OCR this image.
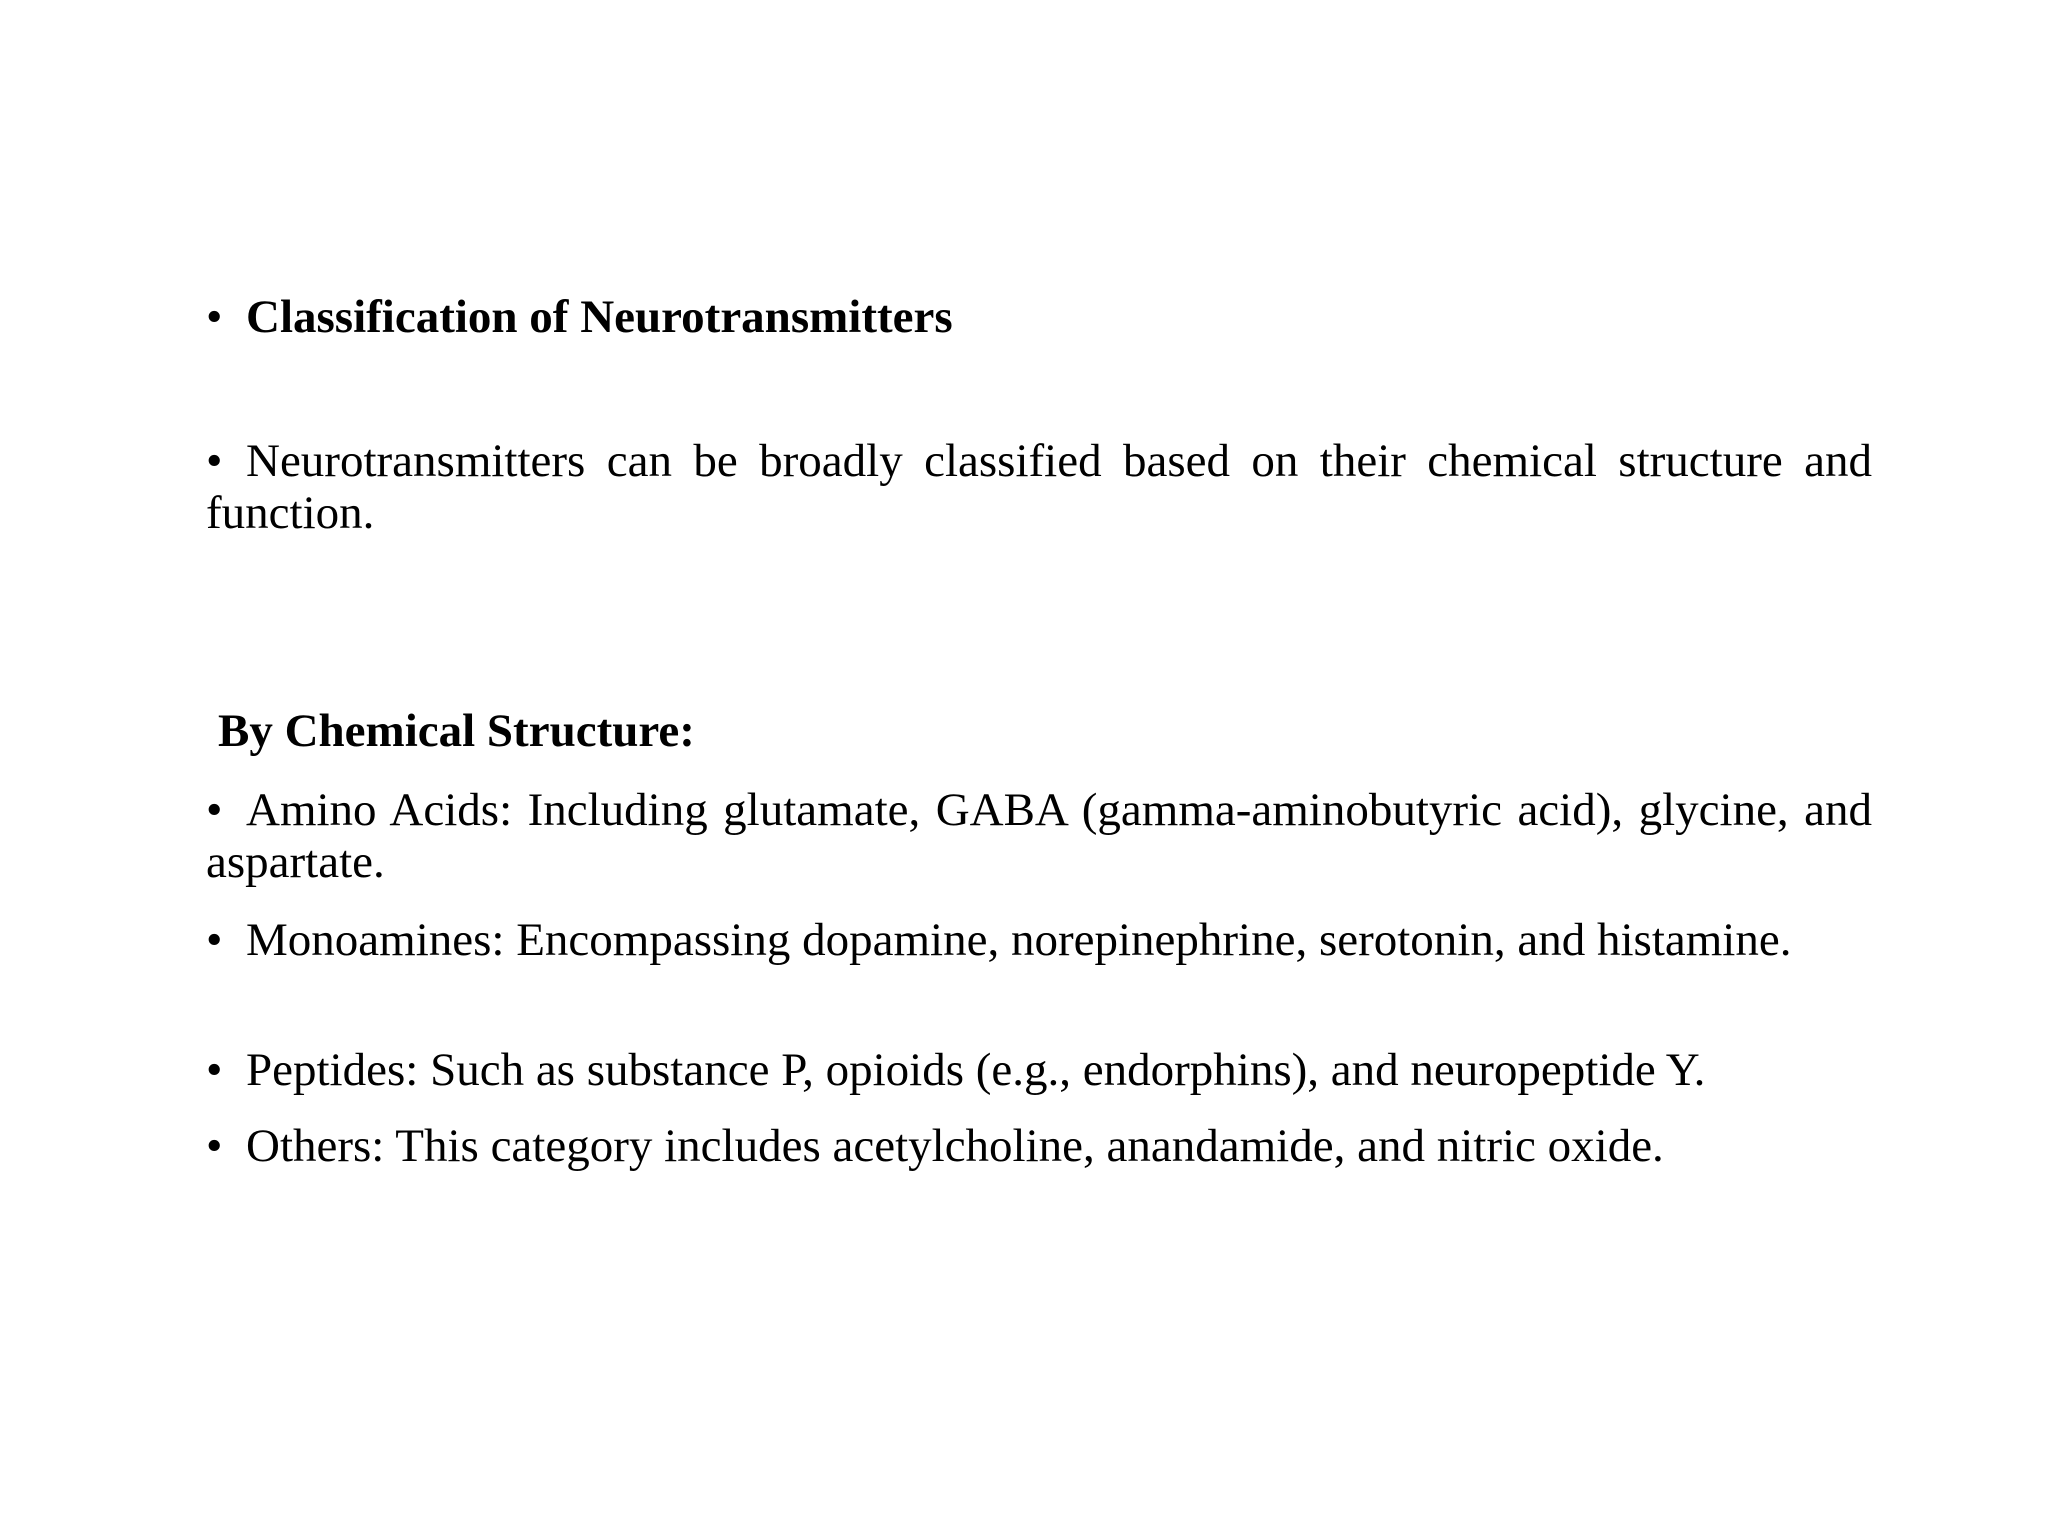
• Classification of Neurotransmitters
• Neurotransmitters can be broadly classified based on their chemical structure and function.
By Chemical Structure:
• Amino Acids: Including glutamate, GABA (gamma-aminobutyric acid), glycine, and aspartate.
• Monoamines: Encompassing dopamine, norepinephrine, serotonin, and histamine.
• Peptides: Such as substance P, opioids (e.g., endorphins), and neuropeptide Y.
• Others: This category includes acetylcholine, anandamide, and nitric oxide.
